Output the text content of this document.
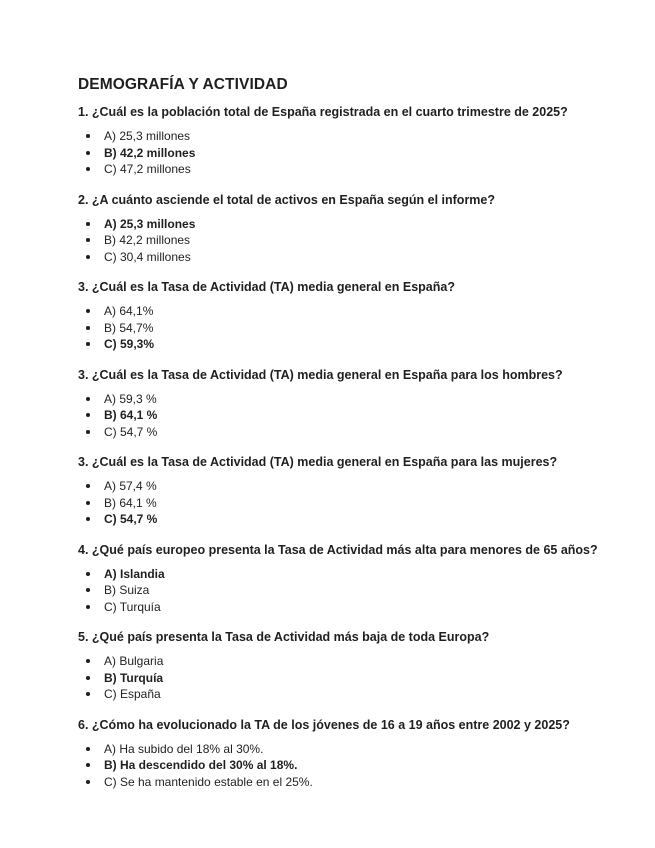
DEMOGRAFÍA Y ACTIVIDAD

1. ¿Cuál es la población total de España registrada en el cuarto trimestre de 2025?

A) 25,3 millones
B) 42,2 millones
C) 47,2 millones

2. ¿A cuánto asciende el total de activos en España según el informe?

A) 25,3 millones
B) 42,2 millones
C) 30,4 millones

3. ¿Cuál es la Tasa de Actividad (TA) media general en España?

A) 64,1%
B) 54,7%
C) 59,3%

3. ¿Cuál es la Tasa de Actividad (TA) media general en España para los hombres?

A) 59,3 %
B) 64,1 %
C) 54,7 %

3. ¿Cuál es la Tasa de Actividad (TA) media general en España para las mujeres?

A) 57,4 %
B) 64,1 %
C) 54,7 %

4. ¿Qué país europeo presenta la Tasa de Actividad más alta para menores de 65 años?

A) Islandia
B) Suiza
C) Turquía

5. ¿Qué país presenta la Tasa de Actividad más baja de toda Europa?

A) Bulgaria
B) Turquía
C) España

6. ¿Cómo ha evolucionado la TA de los jóvenes de 16 a 19 años entre 2002 y 2025?

A) Ha subido del 18% al 30%.
B) Ha descendido del 30% al 18%.
C) Se ha mantenido estable en el 25%.
